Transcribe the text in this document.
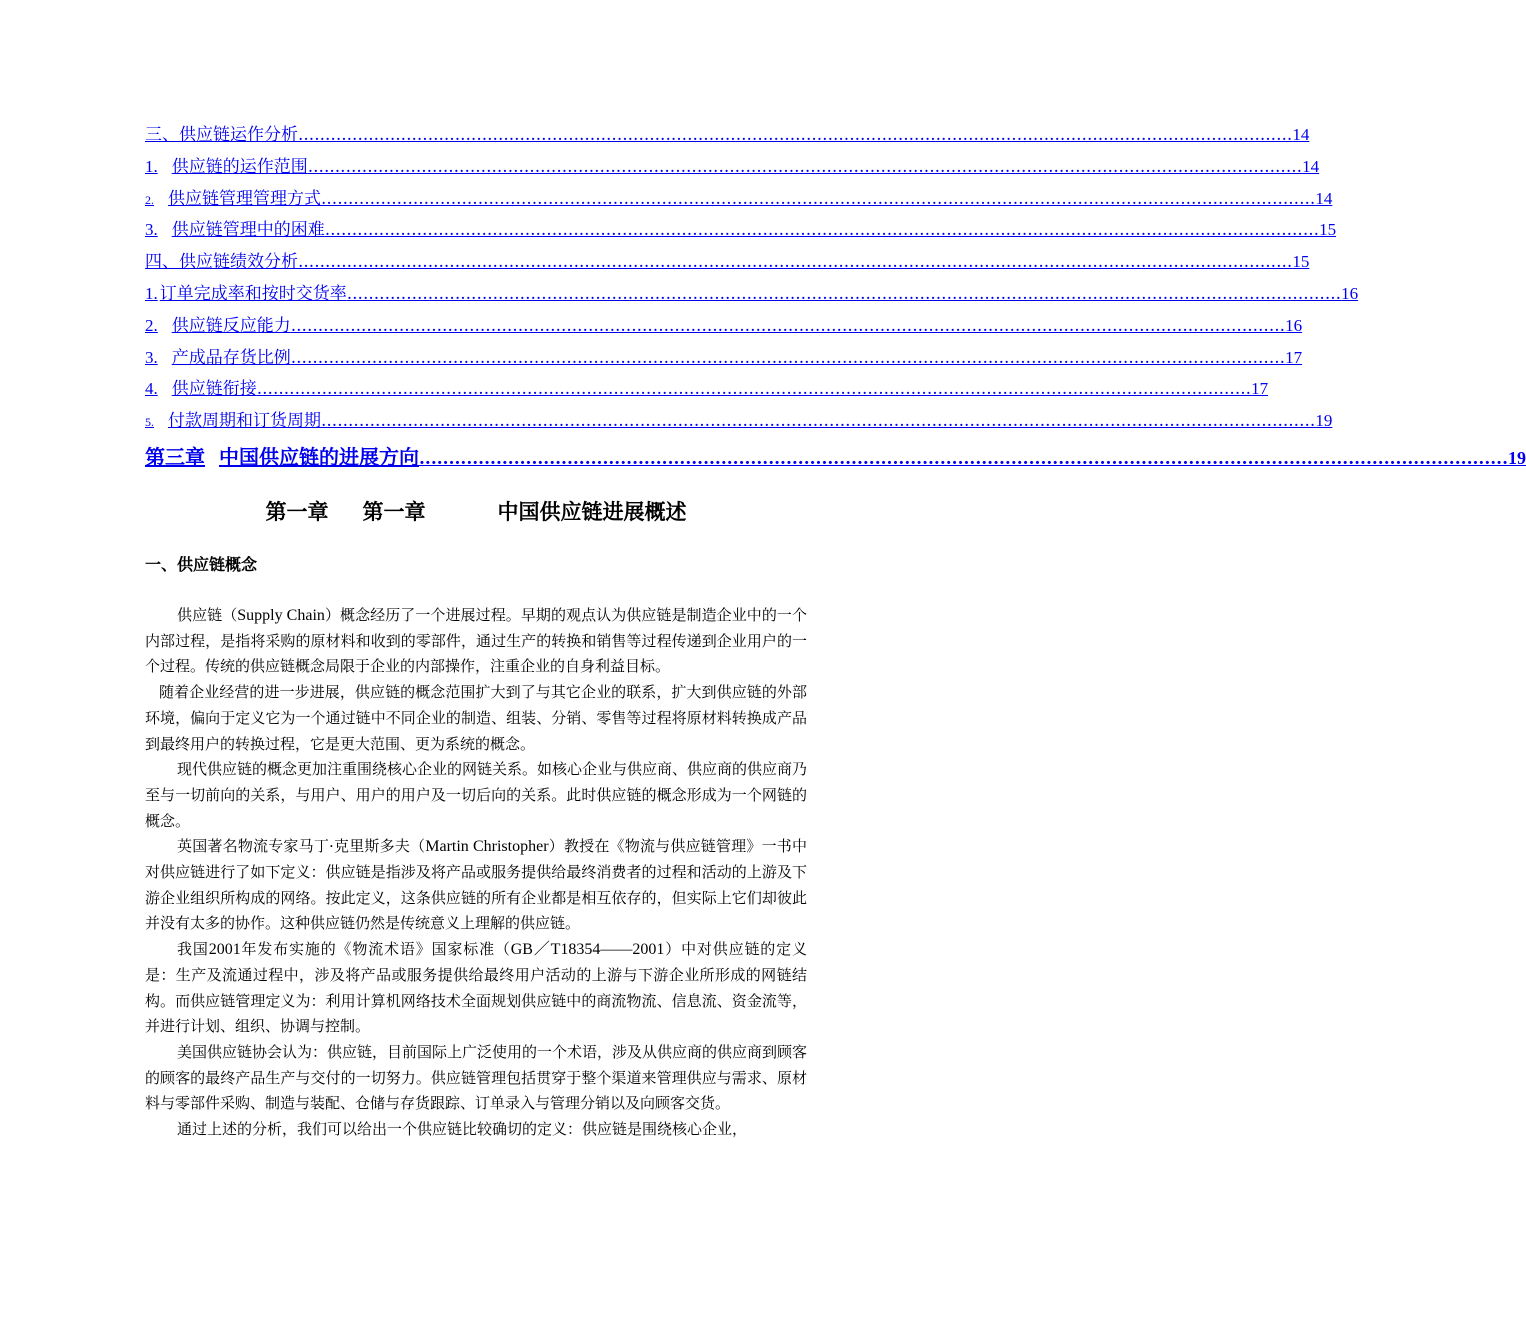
三、供应链运作分析 ........................................................................................................................................................................................ 14
1. 供应链的运作范围 ........................................................................................................................................................................................ 14
2. 供应链管理管理方式 ........................................................................................................................................................................................ 14
3. 供应链管理中的困难 ........................................................................................................................................................................................ 15
四、供应链绩效分析 ........................................................................................................................................................................................ 15
1. 订单完成率和按时交货率 ........................................................................................................................................................................................ 16
2. 供应链反应能力 ........................................................................................................................................................................................ 16
3. 产成品存货比例 ........................................................................................................................................................................................ 17
4. 供应链衔接 ........................................................................................................................................................................................ 17
5. 付款周期和订货周期 ........................................................................................................................................................................................ 19
第三章 中国供应链的进展方向 ........................................................................................................................................................................................ 19
第一章 第一章	中国供应链进展概述
一、供应链概念

供应链（Supply Chain）概念经历了一个进展过程。早期的观点认为供应链是制造企业中的一个内部过程，是指将采购的原材料和收到的零部件，通过生产的转换和销售等过程传递到企业用户的一个过程。传统的供应链概念局限于企业的内部操作，注重企业的自身利益目标。

随着企业经营的进一步进展，供应链的概念范围扩大到了与其它企业的联系，扩大到供应链的外部环境，偏向于定义它为一个通过链中不同企业的制造、组装、分销、零售等过程将原材料转换成产品到最终用户的转换过程，它是更大范围、更为系统的概念。

现代供应链的概念更加注重围绕核心企业的网链关系。如核心企业与供应商、供应商的供应商乃至与一切前向的关系，与用户、用户的用户及一切后向的关系。此时供应链的概念形成为一个网链的概念。

英国著名物流专家马丁·克里斯多夫（Martin Christopher）教授在《物流与供应链管理》一书中对供应链进行了如下定义：供应链是指涉及将产品或服务提供给最终消费者的过程和活动的上游及下游企业组织所构成的网络。按此定义，这条供应链的所有企业都是相互依存的，但实际上它们却彼此并没有太多的协作。这种供应链仍然是传统意义上理解的供应链。

我国2001年发布实施的《物流术语》国家标准（GB／T18354——2001）中对供应链的定义是：生产及流通过程中，涉及将产品或服务提供给最终用户活动的上游与下游企业所形成的网链结构。而供应链管理定义为：利用计算机网络技术全面规划供应链中的商流物流、信息流、资金流等，并进行计划、组织、协调与控制。

美国供应链协会认为：供应链，目前国际上广泛使用的一个术语，涉及从供应商的供应商到顾客的顾客的最终产品生产与交付的一切努力。供应链管理包括贯穿于整个渠道来管理供应与需求、原材料与零部件采购、制造与装配、仓储与存货跟踪、订单录入与管理分销以及向顾客交货。

通过上述的分析，我们可以给出一个供应链比较确切的定义：供应链是围绕核心企业，
